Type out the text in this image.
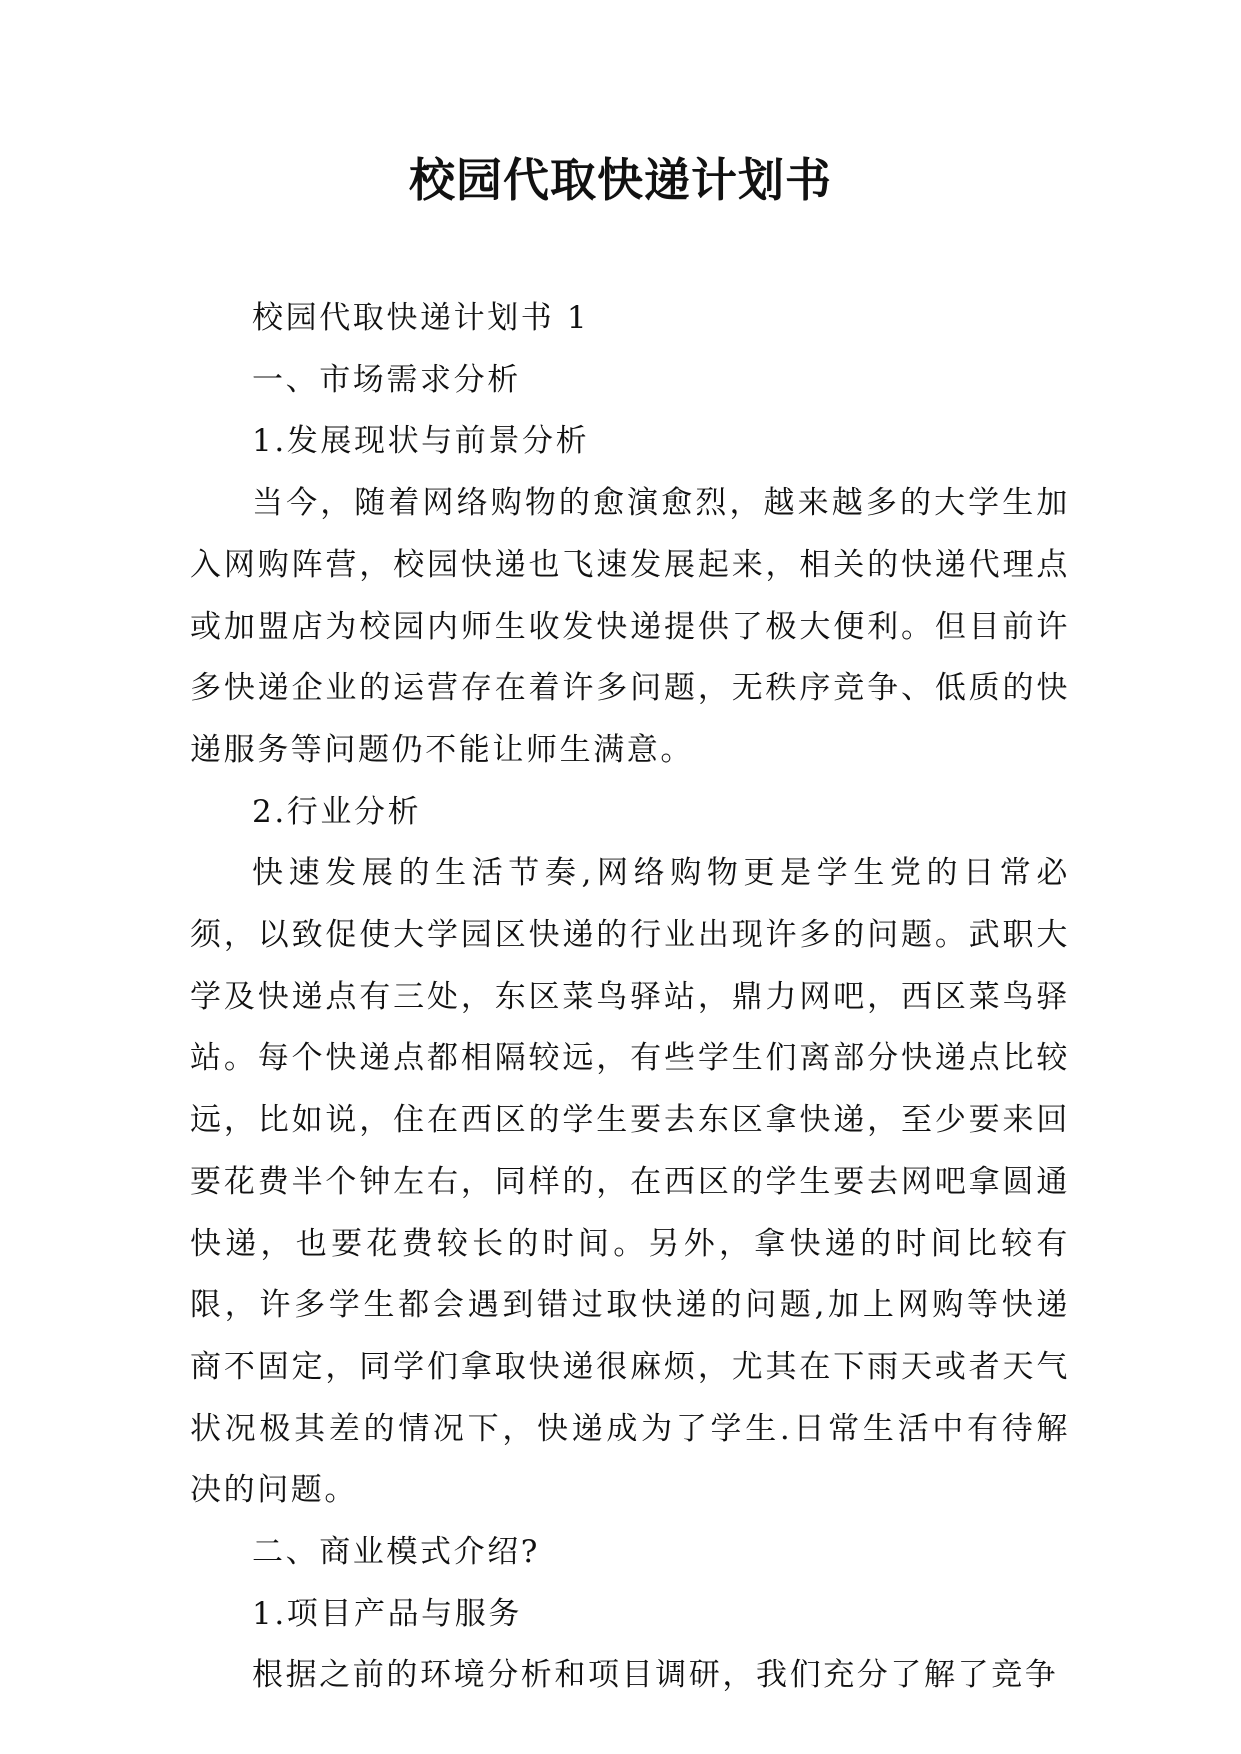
校园代取快递计划书

校园代取快递计划书 1

一、市场需求分析

1.发展现状与前景分析

当今，随着网络购物的愈演愈烈，越来越多的大学生加入网购阵营，校园快递也飞速发展起来，相关的快递代理点或加盟店为校园内师生收发快递提供了极大便利。但目前许多快递企业的运营存在着许多问题，无秩序竞争、低质的快递服务等问题仍不能让师生满意。

2.行业分析

快速发展的生活节奏,网络购物更是学生党的日常必须，以致促使大学园区快递的行业出现许多的问题。武职大学及快递点有三处，东区菜鸟驿站，鼎力网吧，西区菜鸟驿站。每个快递点都相隔较远，有些学生们离部分快递点比较远，比如说，住在西区的学生要去东区拿快递，至少要来回要花费半个钟左右，同样的，在西区的学生要去网吧拿圆通快递，也要花费较长的时间。另外，拿快递的时间比较有限，许多学生都会遇到错过取快递的问题,加上网购等快递商不固定，同学们拿取快递很麻烦，尤其在下雨天或者天气状况极其差的情况下，快递成为了学生.日常生活中有待解决的问题。

二、商业模式介绍?

1.项目产品与服务

根据之前的环境分析和项目调研，我们充分了解了竞争
